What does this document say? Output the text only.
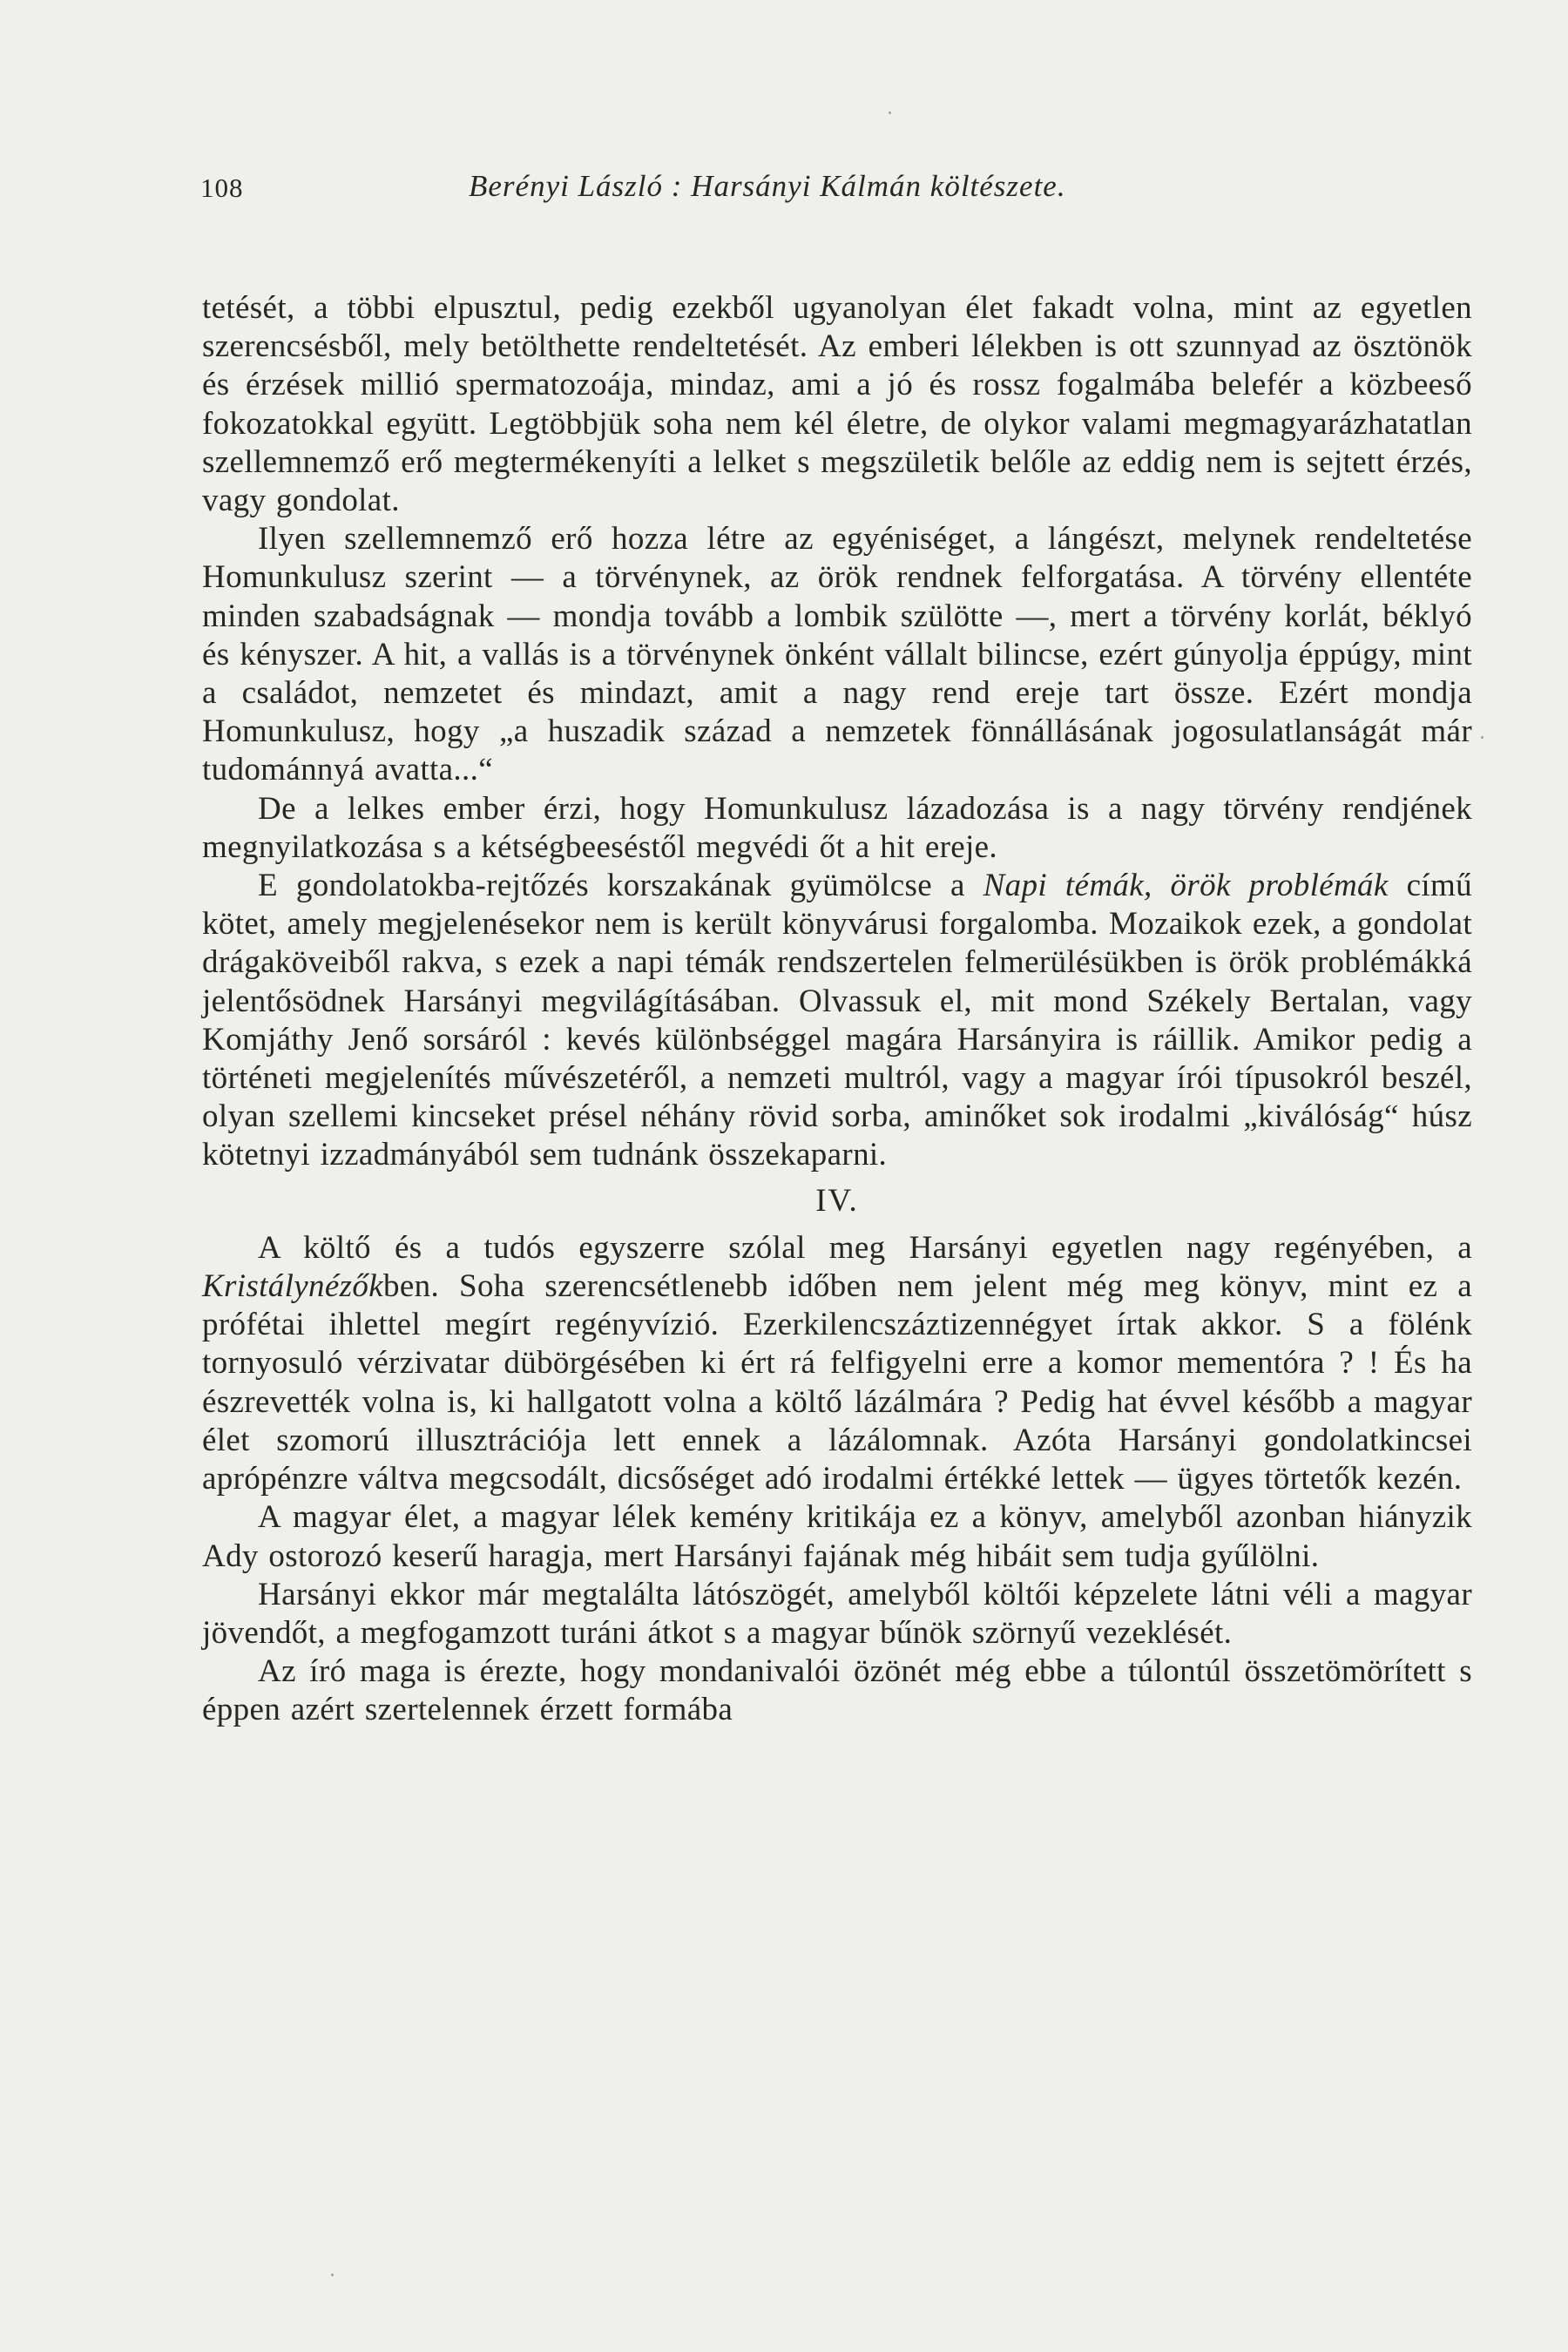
108	Berényi László : Harsányi Kálmán költészete.

tetését, a többi elpusztul, pedig ezekből ugyanolyan élet fakadt volna, mint az egyetlen szerencsésből, mely betölthette rendeltetését. Az emberi lélekben is ott szunnyad az ösztönök és érzések millió spermatozoája, mindaz, ami a jó és rossz fogalmába belefér a közbeeső fokozatokkal együtt. Legtöbbjük soha nem kél életre, de olykor valami megmagyarázhatatlan szellemnemző erő megtermékenyíti a lelket s megszületik belőle az eddig nem is sejtett érzés, vagy gondolat.

Ilyen szellemnemző erő hozza létre az egyéniséget, a lángészt, melynek rendeltetése Homunkulusz szerint — a törvénynek, az örök rendnek felforgatása. A törvény ellentéte minden szabadságnak — mondja tovább a lombik szülötte —, mert a törvény korlát, béklyó és kényszer. A hit, a vallás is a törvénynek önként vállalt bilincse, ezért gúnyolja éppúgy, mint a családot, nemzetet és mindazt, amit a nagy rend ereje tart össze. Ezért mondja Homunkulusz, hogy „a huszadik század a nemzetek fönnállásának jogosulatlanságát már tudománnyá avatta...“

De a lelkes ember érzi, hogy Homunkulusz lázadozása is a nagy törvény rendjének megnyilatkozása s a kétségbeeséstől megvédi őt a hit ereje.

E gondolatokba-rejtőzés korszakának gyümölcse a Napi témák, örök problémák című kötet, amely megjelenésekor nem is került könyvárusi forgalomba. Mozaikok ezek, a gondolat drágaköveiből rakva, s ezek a napi témák rendszertelen felmerülésükben is örök problémákká jelentősödnek Harsányi megvilágításában. Olvassuk el, mit mond Székely Bertalan, vagy Komjáthy Jenő sorsáról : kevés különbséggel magára Harsányira is ráillik. Amikor pedig a történeti megjelenítés művészetéről, a nemzeti multról, vagy a magyar írói típusokról beszél, olyan szellemi kincseket présel néhány rövid sorba, aminőket sok irodalmi „kiválóság“ húsz kötetnyi izzadmányából sem tudnánk összekaparni.

IV.

A költő és a tudós egyszerre szólal meg Harsányi egyetlen nagy regényében, a Kristálynézőkben. Soha szerencsétlenebb időben nem jelent még meg könyv, mint ez a prófétai ihlettel megírt regényvízió. Ezerkilencszáztizennégyet írtak akkor. S a fölénk tornyosuló vérzivatar dübörgésében ki ért rá felfigyelni erre a komor mementóra ? ! És ha észrevették volna is, ki hallgatott volna a költő lázálmára ? Pedig hat évvel később a magyar élet szomorú illusztrációja lett ennek a lázálomnak. Azóta Harsányi gondolatkincsei aprópénzre váltva megcsodált, dicsőséget adó irodalmi értékké lettek — ügyes törtetők kezén.

A magyar élet, a magyar lélek kemény kritikája ez a könyv, amelyből azonban hiányzik Ady ostorozó keserű haragja, mert Harsányi fajának még hibáit sem tudja gyűlölni.

Harsányi ekkor már megtalálta látószögét, amelyből költői képzelete látni véli a magyar jövendőt, a megfogamzott turáni átkot s a magyar bűnök szörnyű vezeklését.

Az író maga is érezte, hogy mondanivalói özönét még ebbe a túlontúl összetömörített s éppen azért szertelennek érzett formába
